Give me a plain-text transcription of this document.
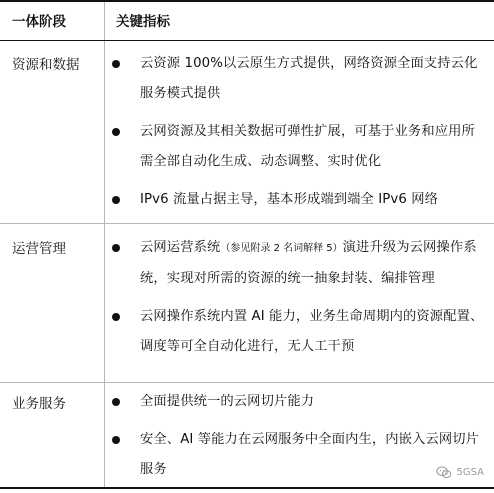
一体阶段	关键指标
资源和数据	云资源 100%以云原生方式提供，网络资源全面支持云化服务模式提供
云网资源及其相关数据可弹性扩展，可基于业务和应用所需全部自动化生成、动态调整、实时优化
IPv6 流量占据主导，基本形成端到端全 IPv6 网络
运营管理	云网运营系统（参见附录 2 名词解释 5）演进升级为云网操作系统，实现对所需的资源的统一抽象封装、编排管理
云网操作系统内置 AI 能力，业务生命周期内的资源配置、调度等可全自动化进行，无人工干预
业务服务	全面提供统一的云网切片能力
安全、AI 等能力在云网服务中全面内生，内嵌入云网切片服务	5GSA
